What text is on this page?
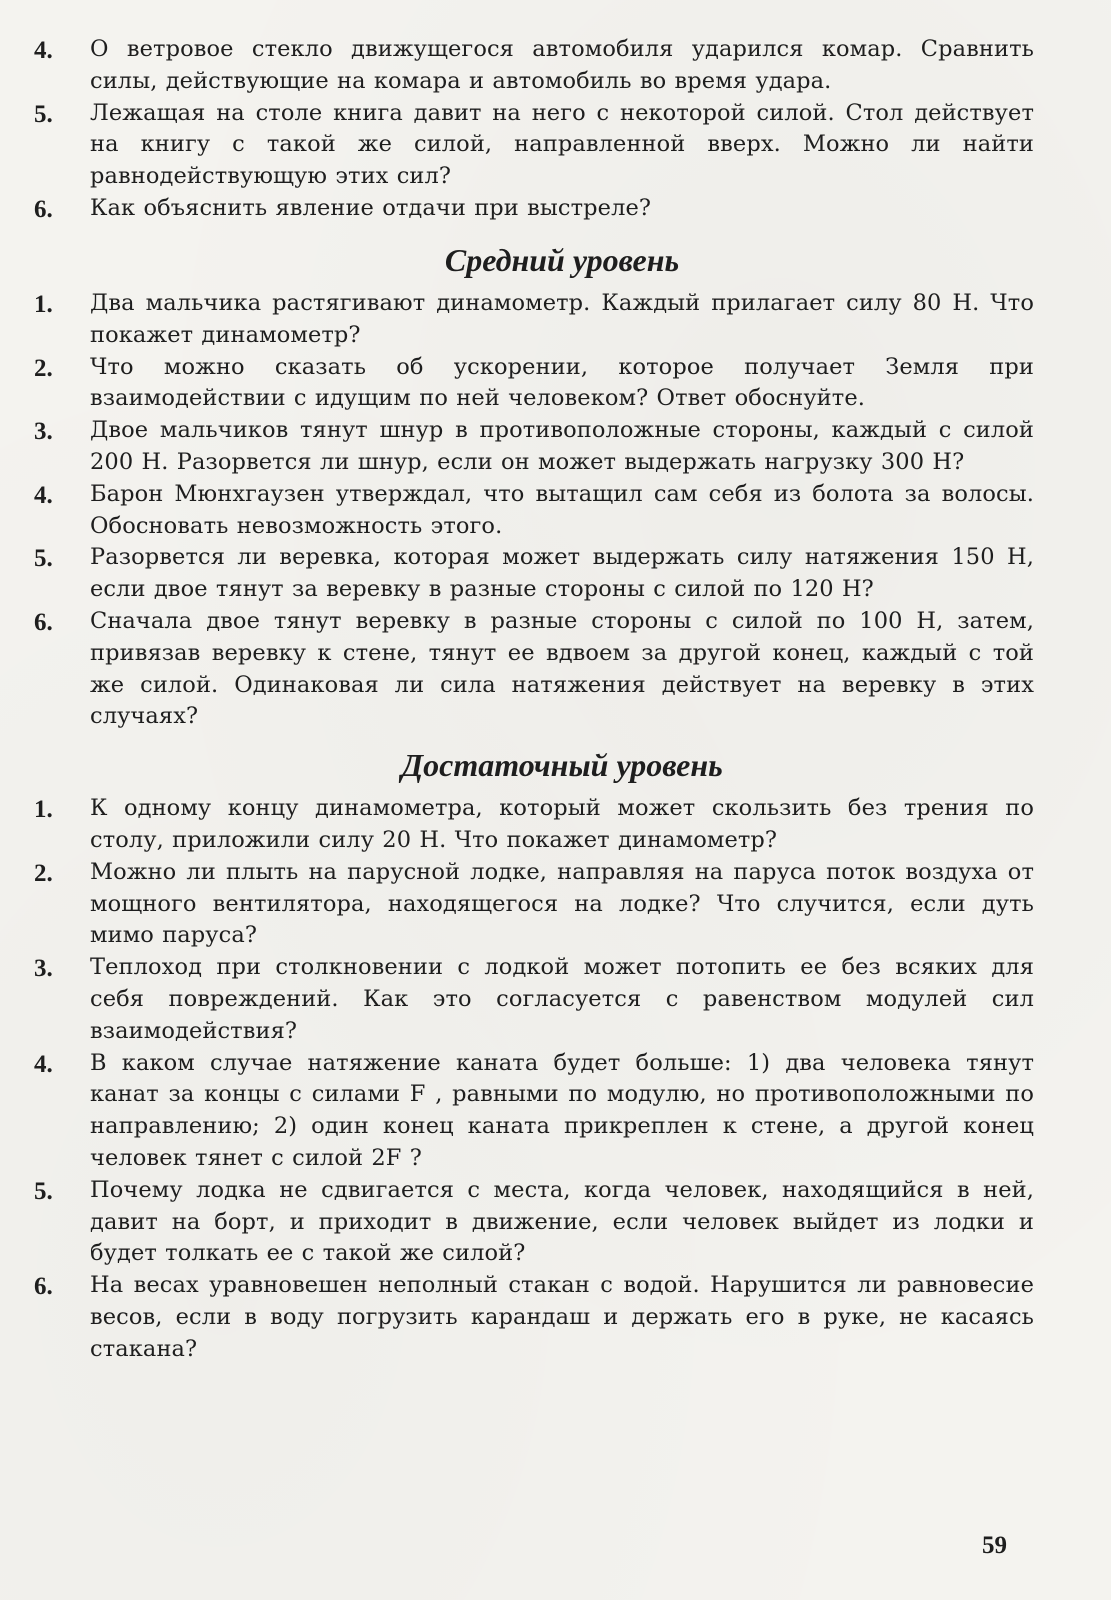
4.	О ветровое стекло движущегося автомобиля ударился комар. Сравнить силы, действующие на комара и автомобиль во время удара.
5.	Лежащая на столе книга давит на него с некоторой силой. Стол действует на книгу с такой же силой, направленной вверх. Можно ли найти равнодействующую этих сил?
6.	Как объяснить явление отдачи при выстреле?
Средний уровень
1.	Два мальчика растягивают динамометр. Каждый прилагает силу 80 Н. Что покажет динамометр?
2.	Что можно сказать об ускорении, которое получает Земля при взаимодействии с идущим по ней человеком? Ответ обоснуйте.
3.	Двое мальчиков тянут шнур в противоположные стороны, каждый с силой 200 Н. Разорвется ли шнур, если он может выдержать нагрузку 300 Н?
4.	Барон Мюнхгаузен утверждал, что вытащил сам себя из болота за волосы. Обосновать невозможность этого.
5.	Разорвется ли веревка, которая может выдержать силу натяжения 150 Н, если двое тянут за веревку в разные стороны с силой по 120 Н?
6.	Сначала двое тянут веревку в разные стороны с силой по 100 Н, затем, привязав веревку к стене, тянут ее вдвоем за другой конец, каждый с той же силой. Одинаковая ли сила натяжения действует на веревку в этих случаях?
Достаточный уровень
1.	К одному концу динамометра, который может скользить без трения по столу, приложили силу 20 Н. Что покажет динамометр?
2.	Можно ли плыть на парусной лодке, направляя на паруса поток воздуха от мощного вентилятора, находящегося на лодке? Что случится, если дуть мимо паруса?
3.	Теплоход при столкновении с лодкой может потопить ее без всяких для себя повреждений. Как это согласуется с равенством модулей сил взаимодействия?
4.	В каком случае натяжение каната будет больше: 1) два человека тянут канат за концы с силами F , равными по модулю, но противоположными по направлению; 2) один конец каната прикреплен к стене, а другой конец человек тянет с силой 2F ?
5.	Почему лодка не сдвигается с места, когда человек, находящийся в ней, давит на борт, и приходит в движение, если человек выйдет из лодки и будет толкать ее с такой же силой?
6.	На весах уравновешен неполный стакан с водой. Нарушится ли равновесие весов, если в воду погрузить карандаш и держать его в руке, не касаясь стакана?
59
